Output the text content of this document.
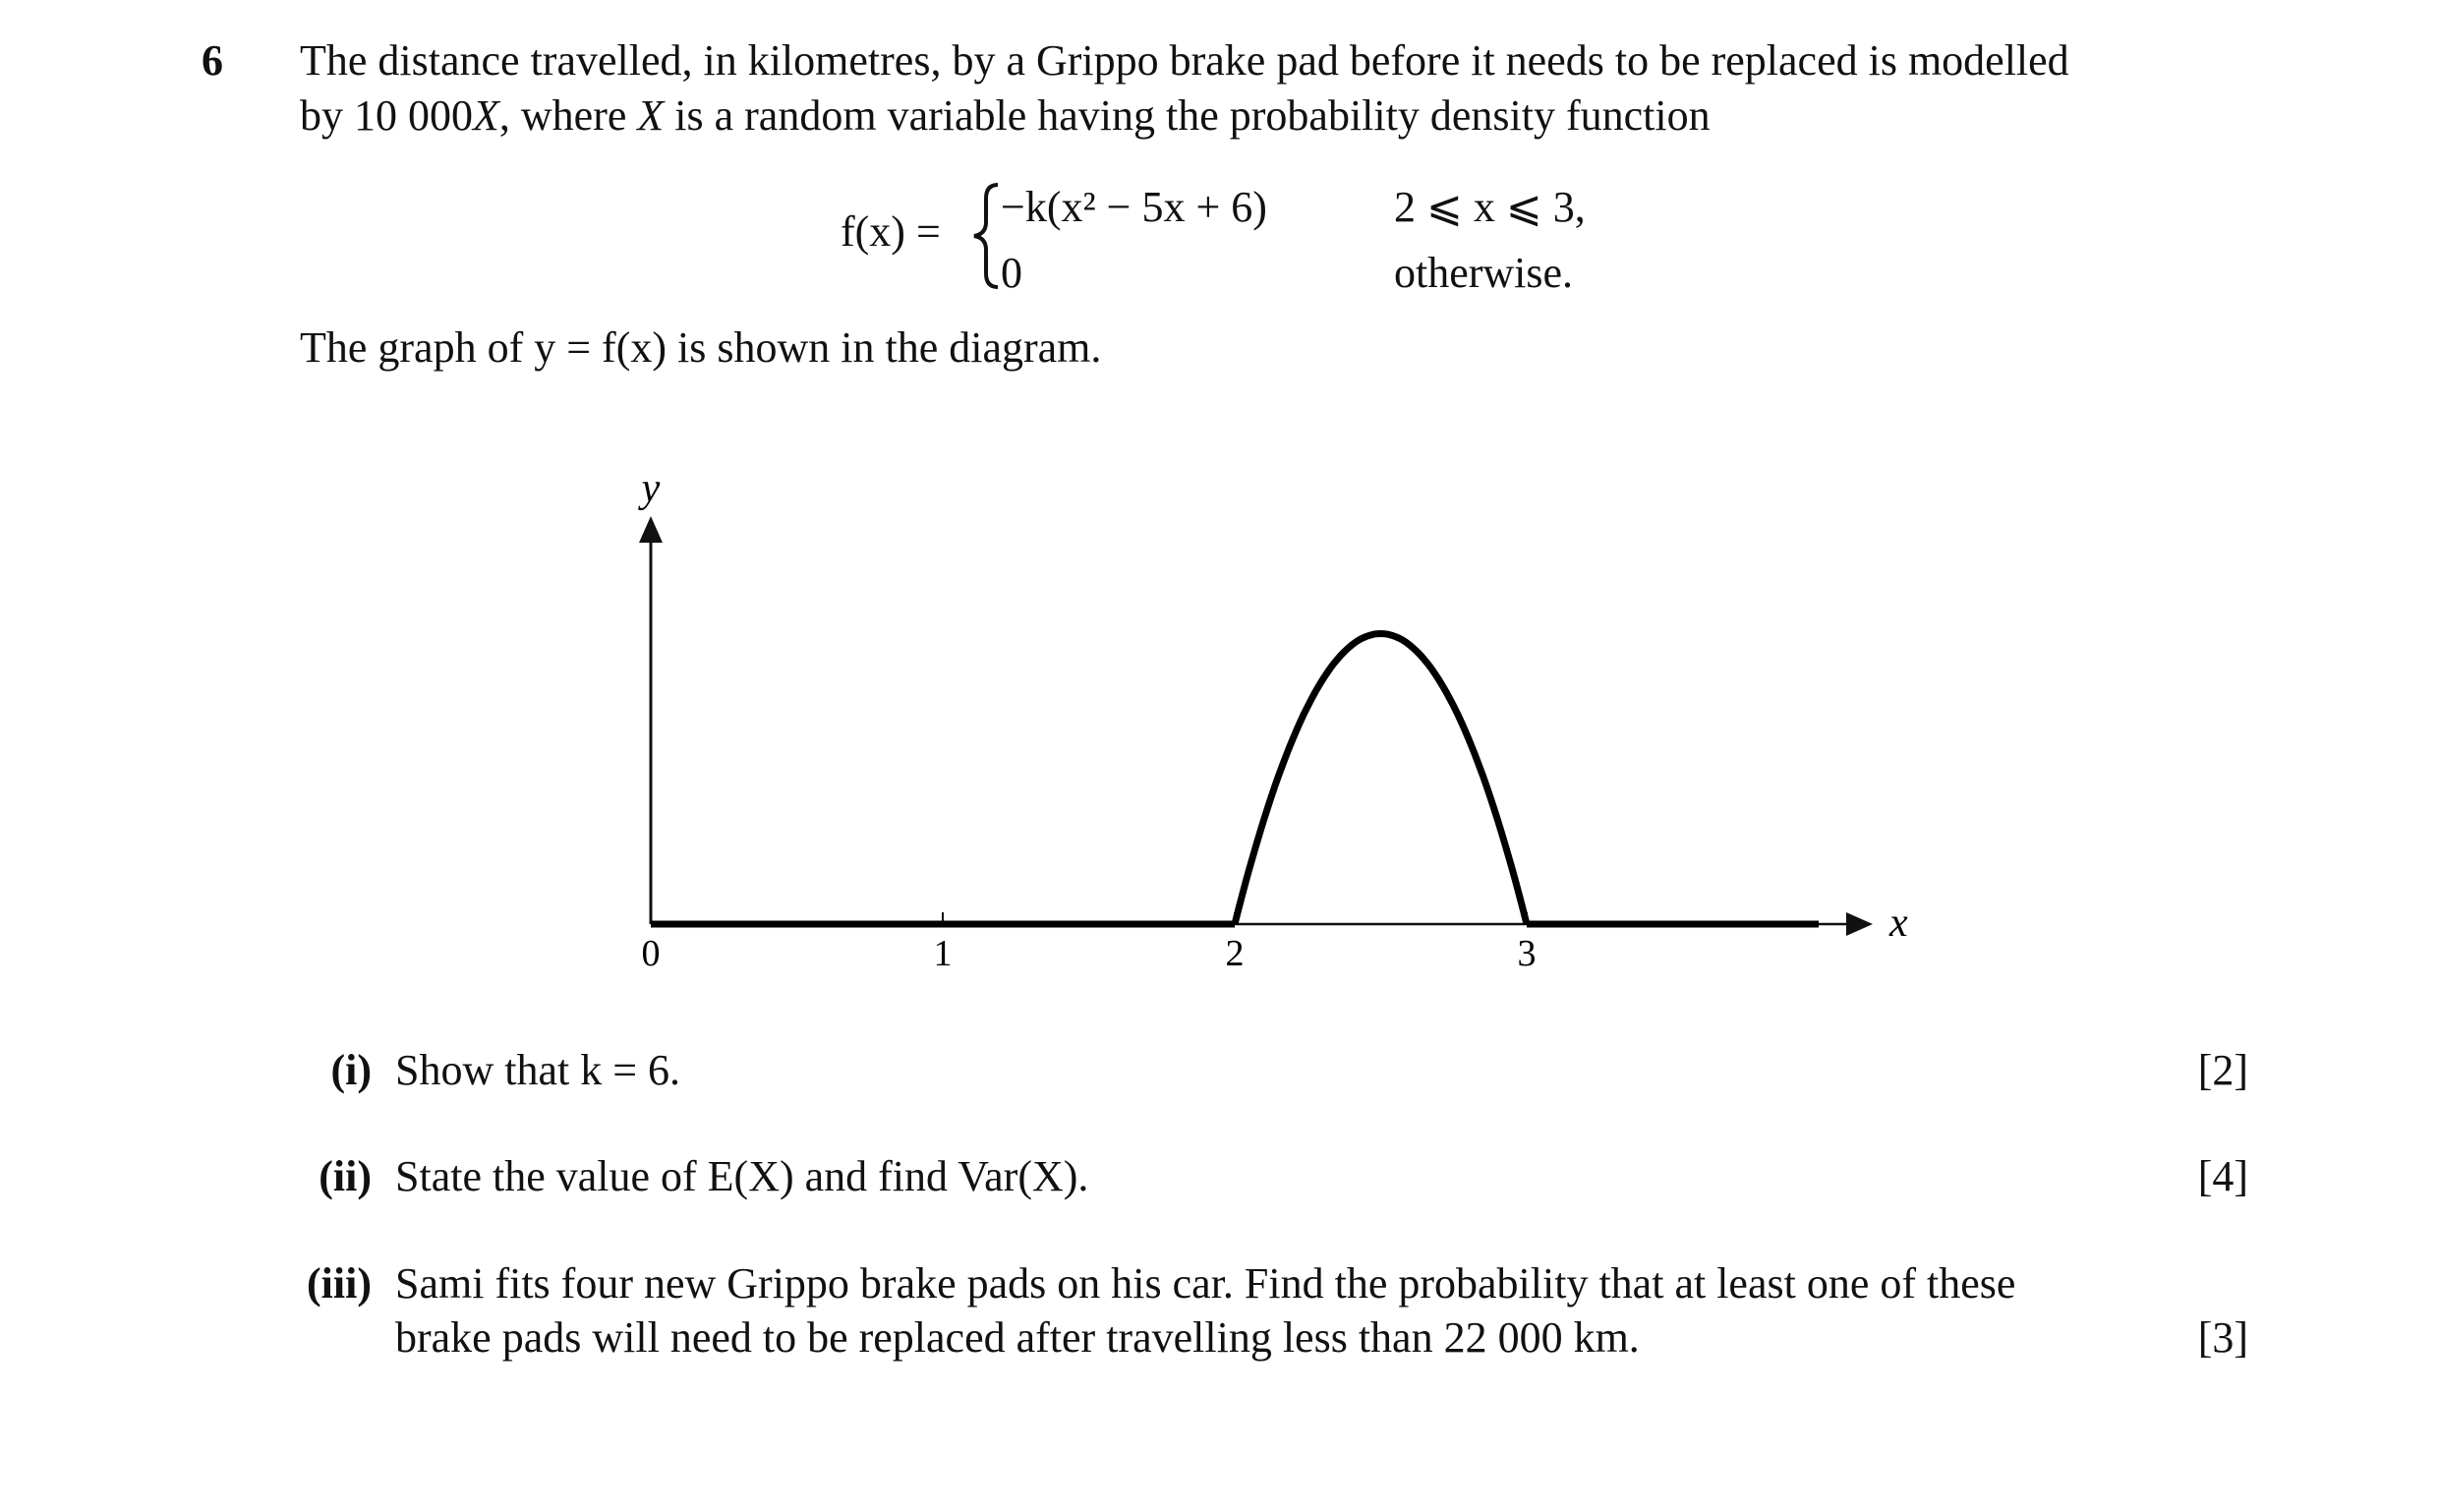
6 The distance travelled, in kilometres, by a Grippo brake pad before it needs to be replaced is modelled
by 10 000X, where X is a random variable having the probability density function
f(x) =
−k(x² − 5x + 6)	2 ⩽ x ⩽ 3,
0	otherwise.
The graph of y = f(x) is shown in the diagram.
y
x
0	1	2	3
(i) Show that k = 6.	[2]
(ii) State the value of E(X) and find Var(X).	[4]
(iii) Sami fits four new Grippo brake pads on his car. Find the probability that at least one of these
brake pads will need to be replaced after travelling less than 22 000 km.	[3]
